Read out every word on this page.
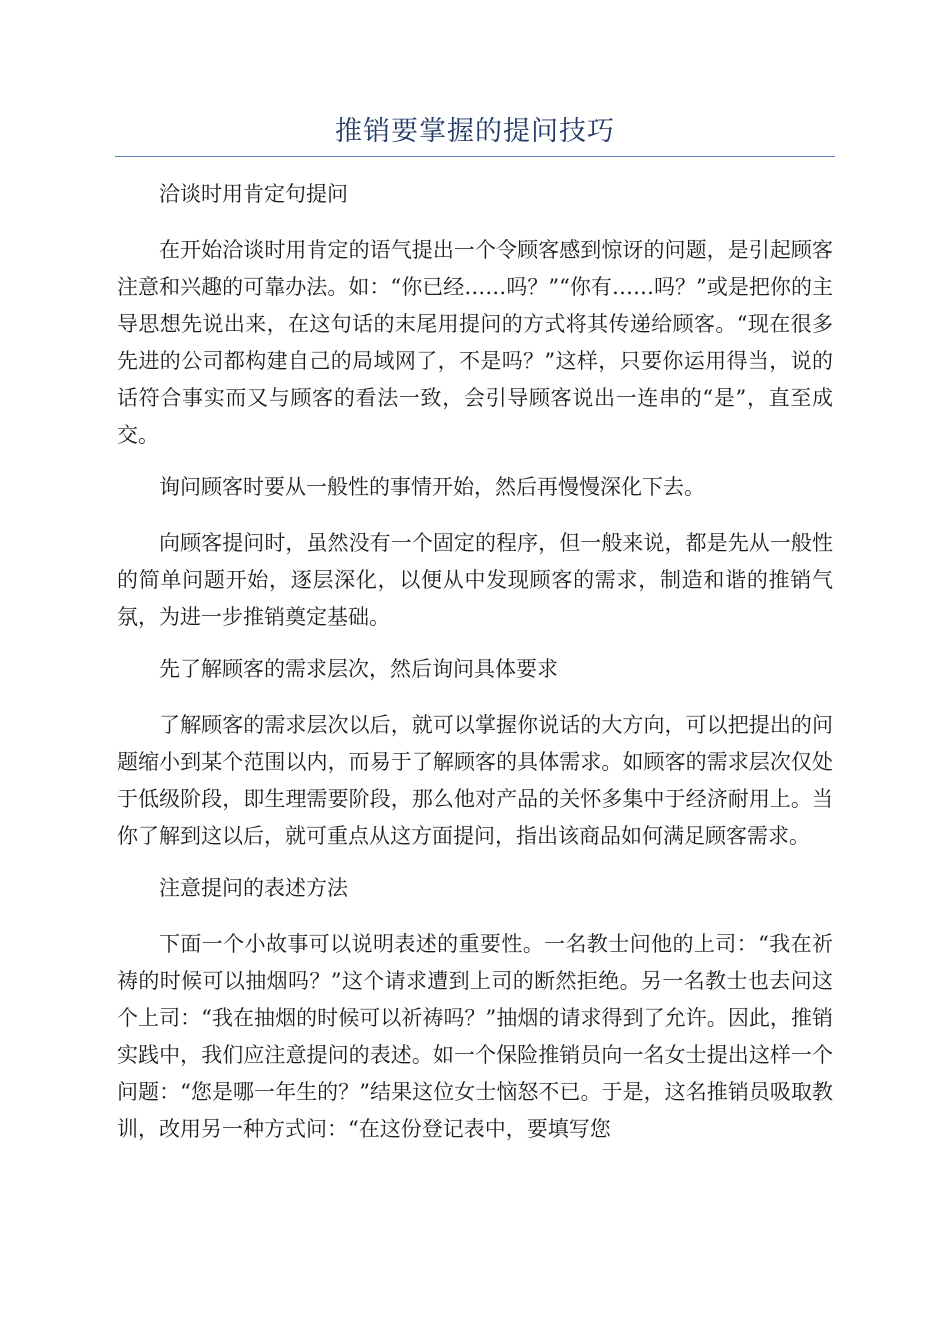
推销要掌握的提问技巧

洽谈时用肯定句提问

在开始洽谈时用肯定的语气提出一个令顾客感到惊讶的问题，是引起顾客注意和兴趣的可靠办法。如：“你已经……吗？”“你有……吗？”或是把你的主导思想先说出来，在这句话的末尾用提问的方式将其传递给顾客。“现在很多先进的公司都构建自己的局域网了，不是吗？”这样，只要你运用得当，说的话符合事实而又与顾客的看法一致，会引导顾客说出一连串的“是”，直至成交。

询问顾客时要从一般性的事情开始，然后再慢慢深化下去。

向顾客提问时，虽然没有一个固定的程序，但一般来说，都是先从一般性的简单问题开始，逐层深化，以便从中发现顾客的需求，制造和谐的推销气氛，为进一步推销奠定基础。

先了解顾客的需求层次，然后询问具体要求

了解顾客的需求层次以后，就可以掌握你说话的大方向，可以把提出的问题缩小到某个范围以内，而易于了解顾客的具体需求。如顾客的需求层次仅处于低级阶段，即生理需要阶段，那么他对产品的关怀多集中于经济耐用上。当你了解到这以后，就可重点从这方面提问，指出该商品如何满足顾客需求。

注意提问的表述方法

下面一个小故事可以说明表述的重要性。一名教士问他的上司：“我在祈祷的时候可以抽烟吗？”这个请求遭到上司的断然拒绝。另一名教士也去问这个上司：“我在抽烟的时候可以祈祷吗？”抽烟的请求得到了允许。因此，推销实践中，我们应注意提问的表述。如一个保险推销员向一名女士提出这样一个问题：“您是哪一年生的？”结果这位女士恼怒不已。于是，这名推销员吸取教训，改用另一种方式问：“在这份登记表中，要填写您
